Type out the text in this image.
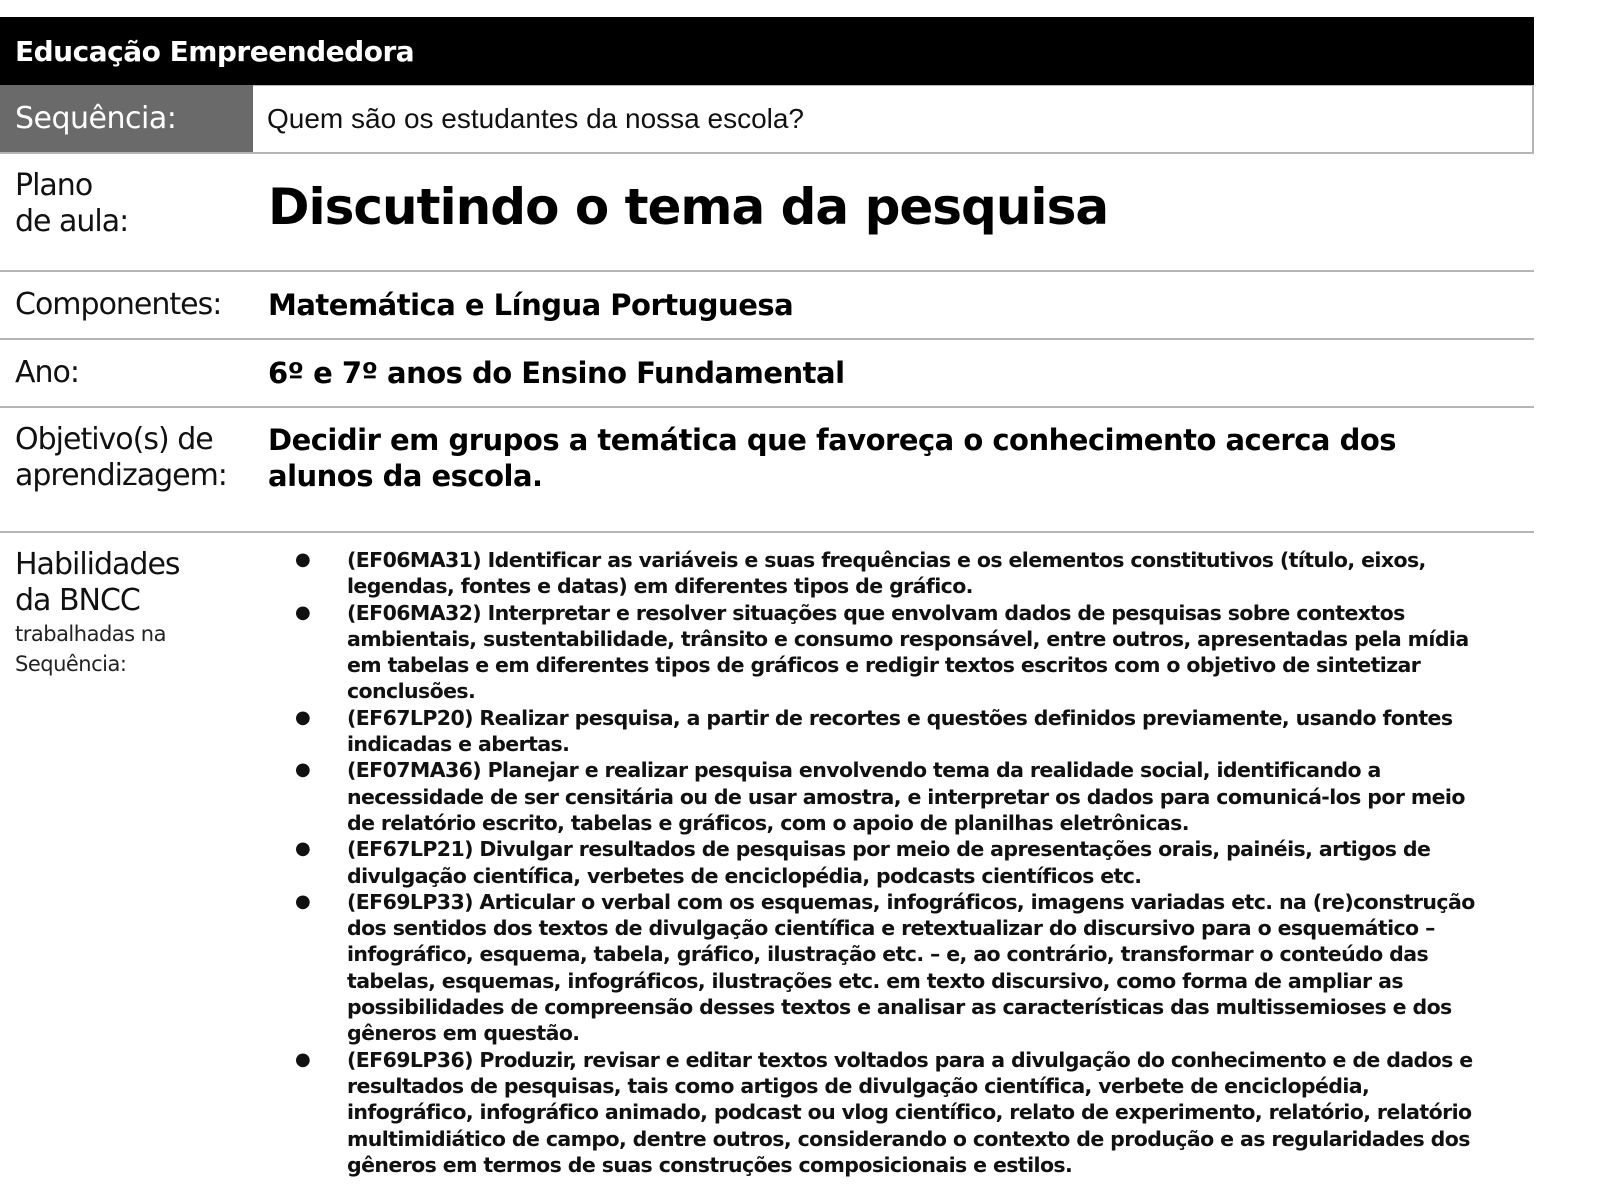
Educação Empreendedora
Sequência:	Quem são os estudantes da nossa escola?
Plano
de aula:	Discutindo o tema da pesquisa
Componentes:	Matemática e Língua Portuguesa
Ano:	6º e 7º anos do Ensino Fundamental
Objetivo(s) de
aprendizagem:
Decidir em grupos a temática que favoreça o conhecimento acerca dos alunos da escola.
Habilidades
da BNCC
trabalhadas na
Sequência:
● (EF06MA31) Identificar as variáveis e suas frequências e os elementos constitutivos (título, eixos, legendas, fontes e datas) em diferentes tipos de gráfico.
● (EF06MA32) Interpretar e resolver situações que envolvam dados de pesquisas sobre contextos ambientais, sustentabilidade, trânsito e consumo responsável, entre outros, apresentadas pela mídia em tabelas e em diferentes tipos de gráficos e redigir textos escritos com o objetivo de sintetizar conclusões.
● (EF67LP20) Realizar pesquisa, a partir de recortes e questões definidos previamente, usando fontes indicadas e abertas.
● (EF07MA36) Planejar e realizar pesquisa envolvendo tema da realidade social, identificando a necessidade de ser censitária ou de usar amostra, e interpretar os dados para comunicá-los por meio de relatório escrito, tabelas e gráficos, com o apoio de planilhas eletrônicas.
● (EF67LP21) Divulgar resultados de pesquisas por meio de apresentações orais, painéis, artigos de divulgação científica, verbetes de enciclopédia, podcasts científicos etc.
● (EF69LP33) Articular o verbal com os esquemas, infográficos, imagens variadas etc. na (re)construção dos sentidos dos textos de divulgação científica e retextualizar do discursivo para o esquemático – infográfico, esquema, tabela, gráfico, ilustração etc. – e, ao contrário, transformar o conteúdo das tabelas, esquemas, infográficos, ilustrações etc. em texto discursivo, como forma de ampliar as possibilidades de compreensão desses textos e analisar as características das multissemioses e dos gêneros em questão.
● (EF69LP36) Produzir, revisar e editar textos voltados para a divulgação do conhecimento e de dados e resultados de pesquisas, tais como artigos de divulgação científica, verbete de enciclopédia, infográfico, infográfico animado, podcast ou vlog científico, relato de experimento, relatório, relatório multimidiático de campo, dentre outros, considerando o contexto de produção e as regularidades dos gêneros em termos de suas construções composicionais e estilos.
